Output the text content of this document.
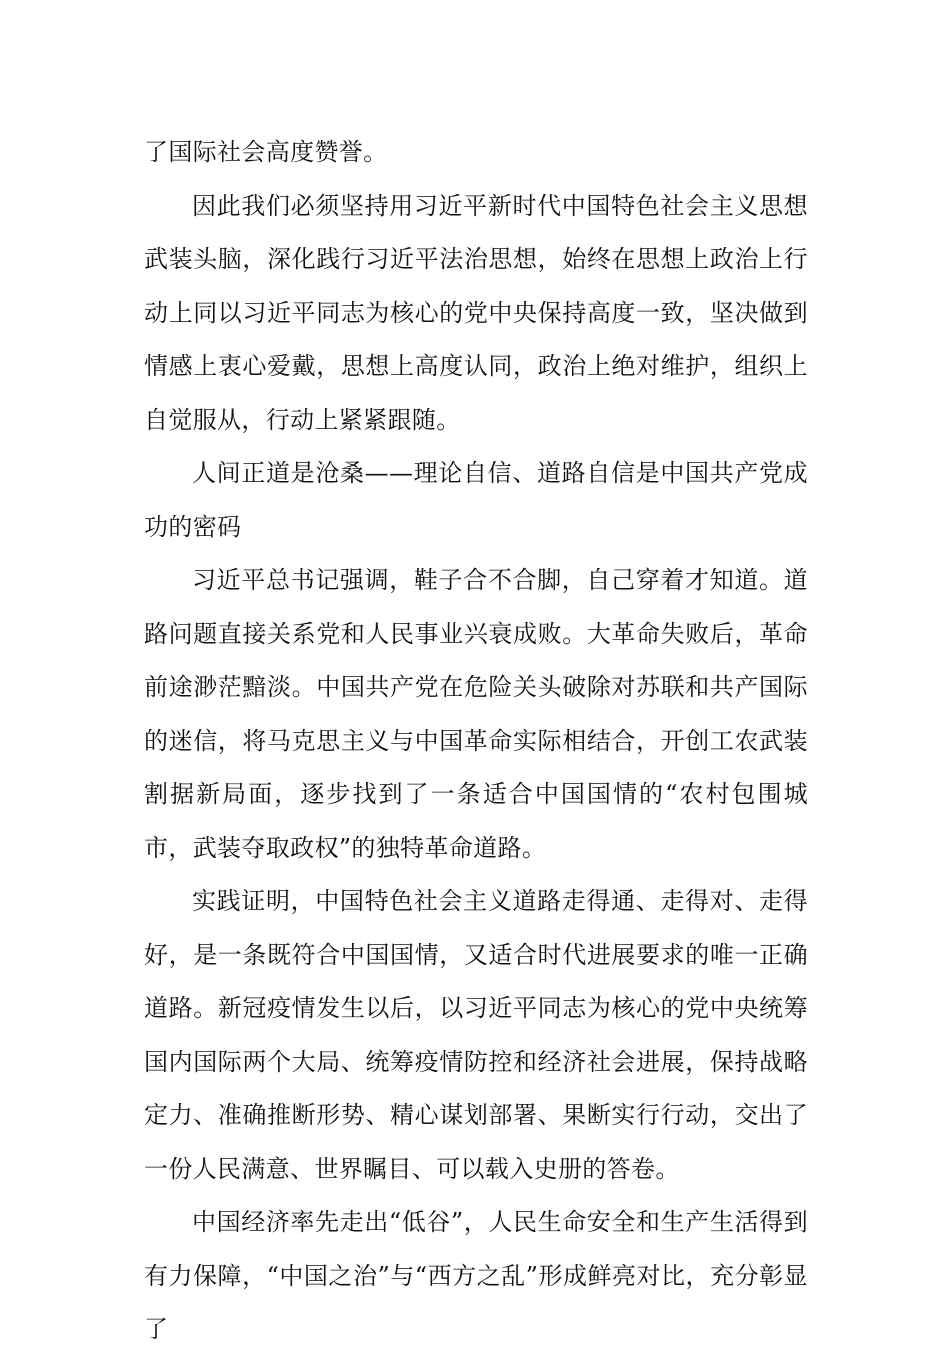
了国际社会高度赞誉。

因此我们必须坚持用习近平新时代中国特色社会主义思想武装头脑，深化践行习近平法治思想，始终在思想上政治上行动上同以习近平同志为核心的党中央保持高度一致，坚决做到情感上衷心爱戴，思想上高度认同，政治上绝对维护，组织上自觉服从，行动上紧紧跟随。

人间正道是沧桑——理论自信、道路自信是中国共产党成功的密码

习近平总书记强调，鞋子合不合脚，自己穿着才知道。道路问题直接关系党和人民事业兴衰成败。大革命失败后，革命前途渺茫黯淡。中国共产党在危险关头破除对苏联和共产国际的迷信，将马克思主义与中国革命实际相结合，开创工农武装割据新局面，逐步找到了一条适合中国国情的“农村包围城市，武装夺取政权”的独特革命道路。

实践证明，中国特色社会主义道路走得通、走得对、走得好，是一条既符合中国国情，又适合时代进展要求的唯一正确道路。新冠疫情发生以后，以习近平同志为核心的党中央统筹国内国际两个大局、统筹疫情防控和经济社会进展，保持战略定力、准确推断形势、精心谋划部署、果断实行行动，交出了一份人民满意、世界瞩目、可以载入史册的答卷。

中国经济率先走出“低谷”，人民生命安全和生产生活得到有力保障，“中国之治”与“西方之乱”形成鲜亮对比，充分彰显了
